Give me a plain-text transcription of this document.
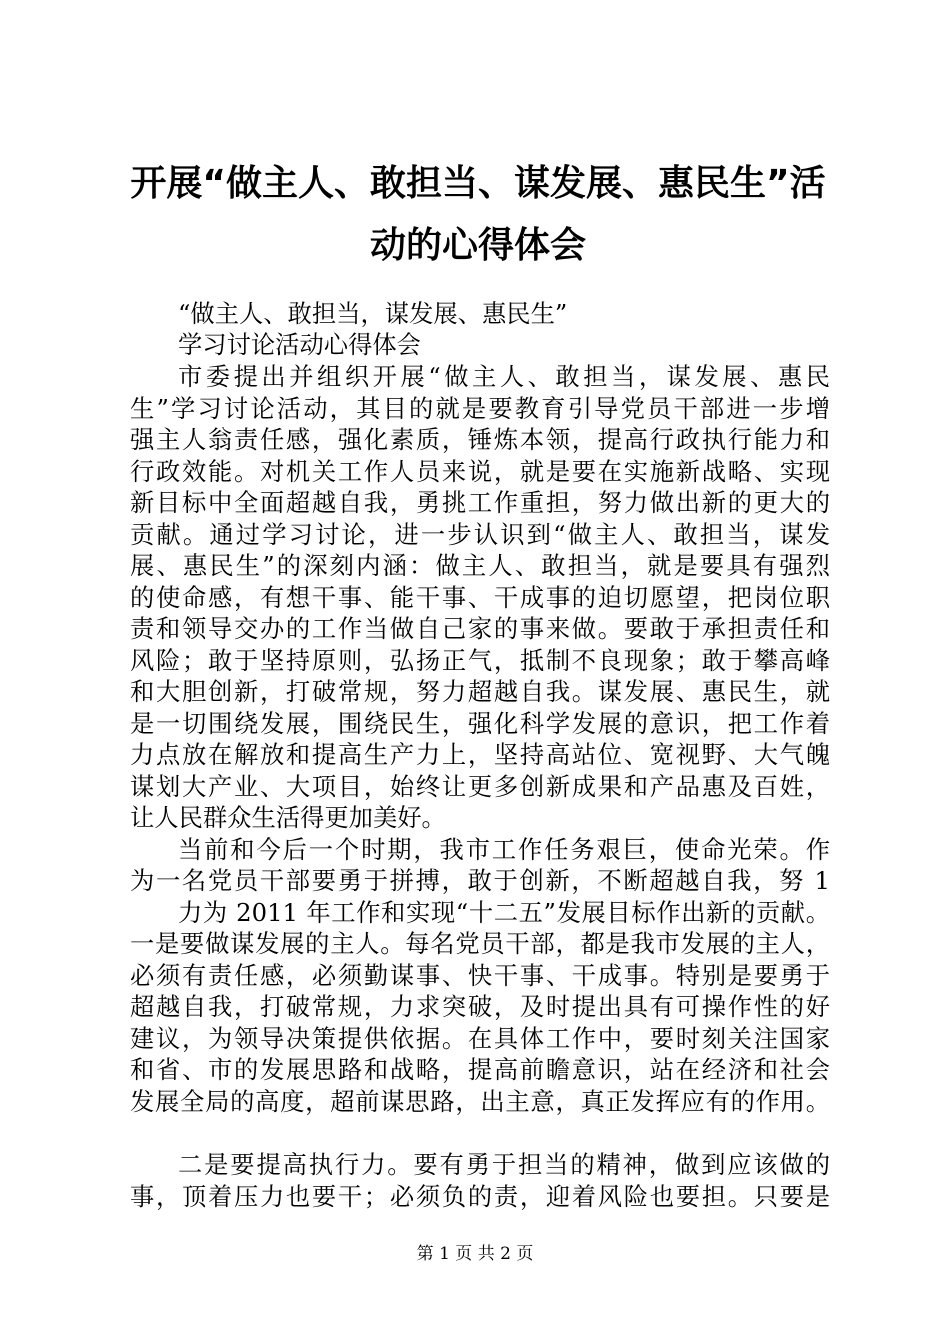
开展“做主人、敢担当、谋发展、惠民生”活
动的心得体会
“做主人、敢担当，谋发展、惠民生”
学习讨论活动心得体会
市委提出并组织开展“做主人、敢担当，谋发展、惠民
生”学习讨论活动，其目的就是要教育引导党员干部进一步增
强主人翁责任感，强化素质，锤炼本领，提高行政执行能力和
行政效能。对机关工作人员来说，就是要在实施新战略、实现
新目标中全面超越自我，勇挑工作重担，努力做出新的更大的
贡献。通过学习讨论，进一步认识到“做主人、敢担当，谋发
展、惠民生”的深刻内涵：做主人、敢担当，就是要具有强烈
的使命感，有想干事、能干事、干成事的迫切愿望，把岗位职
责和领导交办的工作当做自己家的事来做。要敢于承担责任和
风险；敢于坚持原则，弘扬正气，抵制不良现象；敢于攀高峰
和大胆创新，打破常规，努力超越自我。谋发展、惠民生，就
是一切围绕发展，围绕民生，强化科学发展的意识，把工作着
力点放在解放和提高生产力上，坚持高站位、宽视野、大气魄
谋划大产业、大项目，始终让更多创新成果和产品惠及百姓，
让人民群众生活得更加美好。
当前和今后一个时期，我市工作任务艰巨，使命光荣。作
为一名党员干部要勇于拼搏，敢于创新，不断超越自我，努 1
力为 2011 年工作和实现“十二五”发展目标作出新的贡献。
一是要做谋发展的主人。每名党员干部，都是我市发展的主人，
必须有责任感，必须勤谋事、快干事、干成事。特别是要勇于
超越自我，打破常规，力求突破，及时提出具有可操作性的好
建议，为领导决策提供依据。在具体工作中，要时刻关注国家
和省、市的发展思路和战略，提高前瞻意识，站在经济和社会
发展全局的高度，超前谋思路，出主意，真正发挥应有的作用。
二是要提高执行力。要有勇于担当的精神，做到应该做的
事，顶着压力也要干；必须负的责，迎着风险也要担。只要是
第 1 页 共 2 页
